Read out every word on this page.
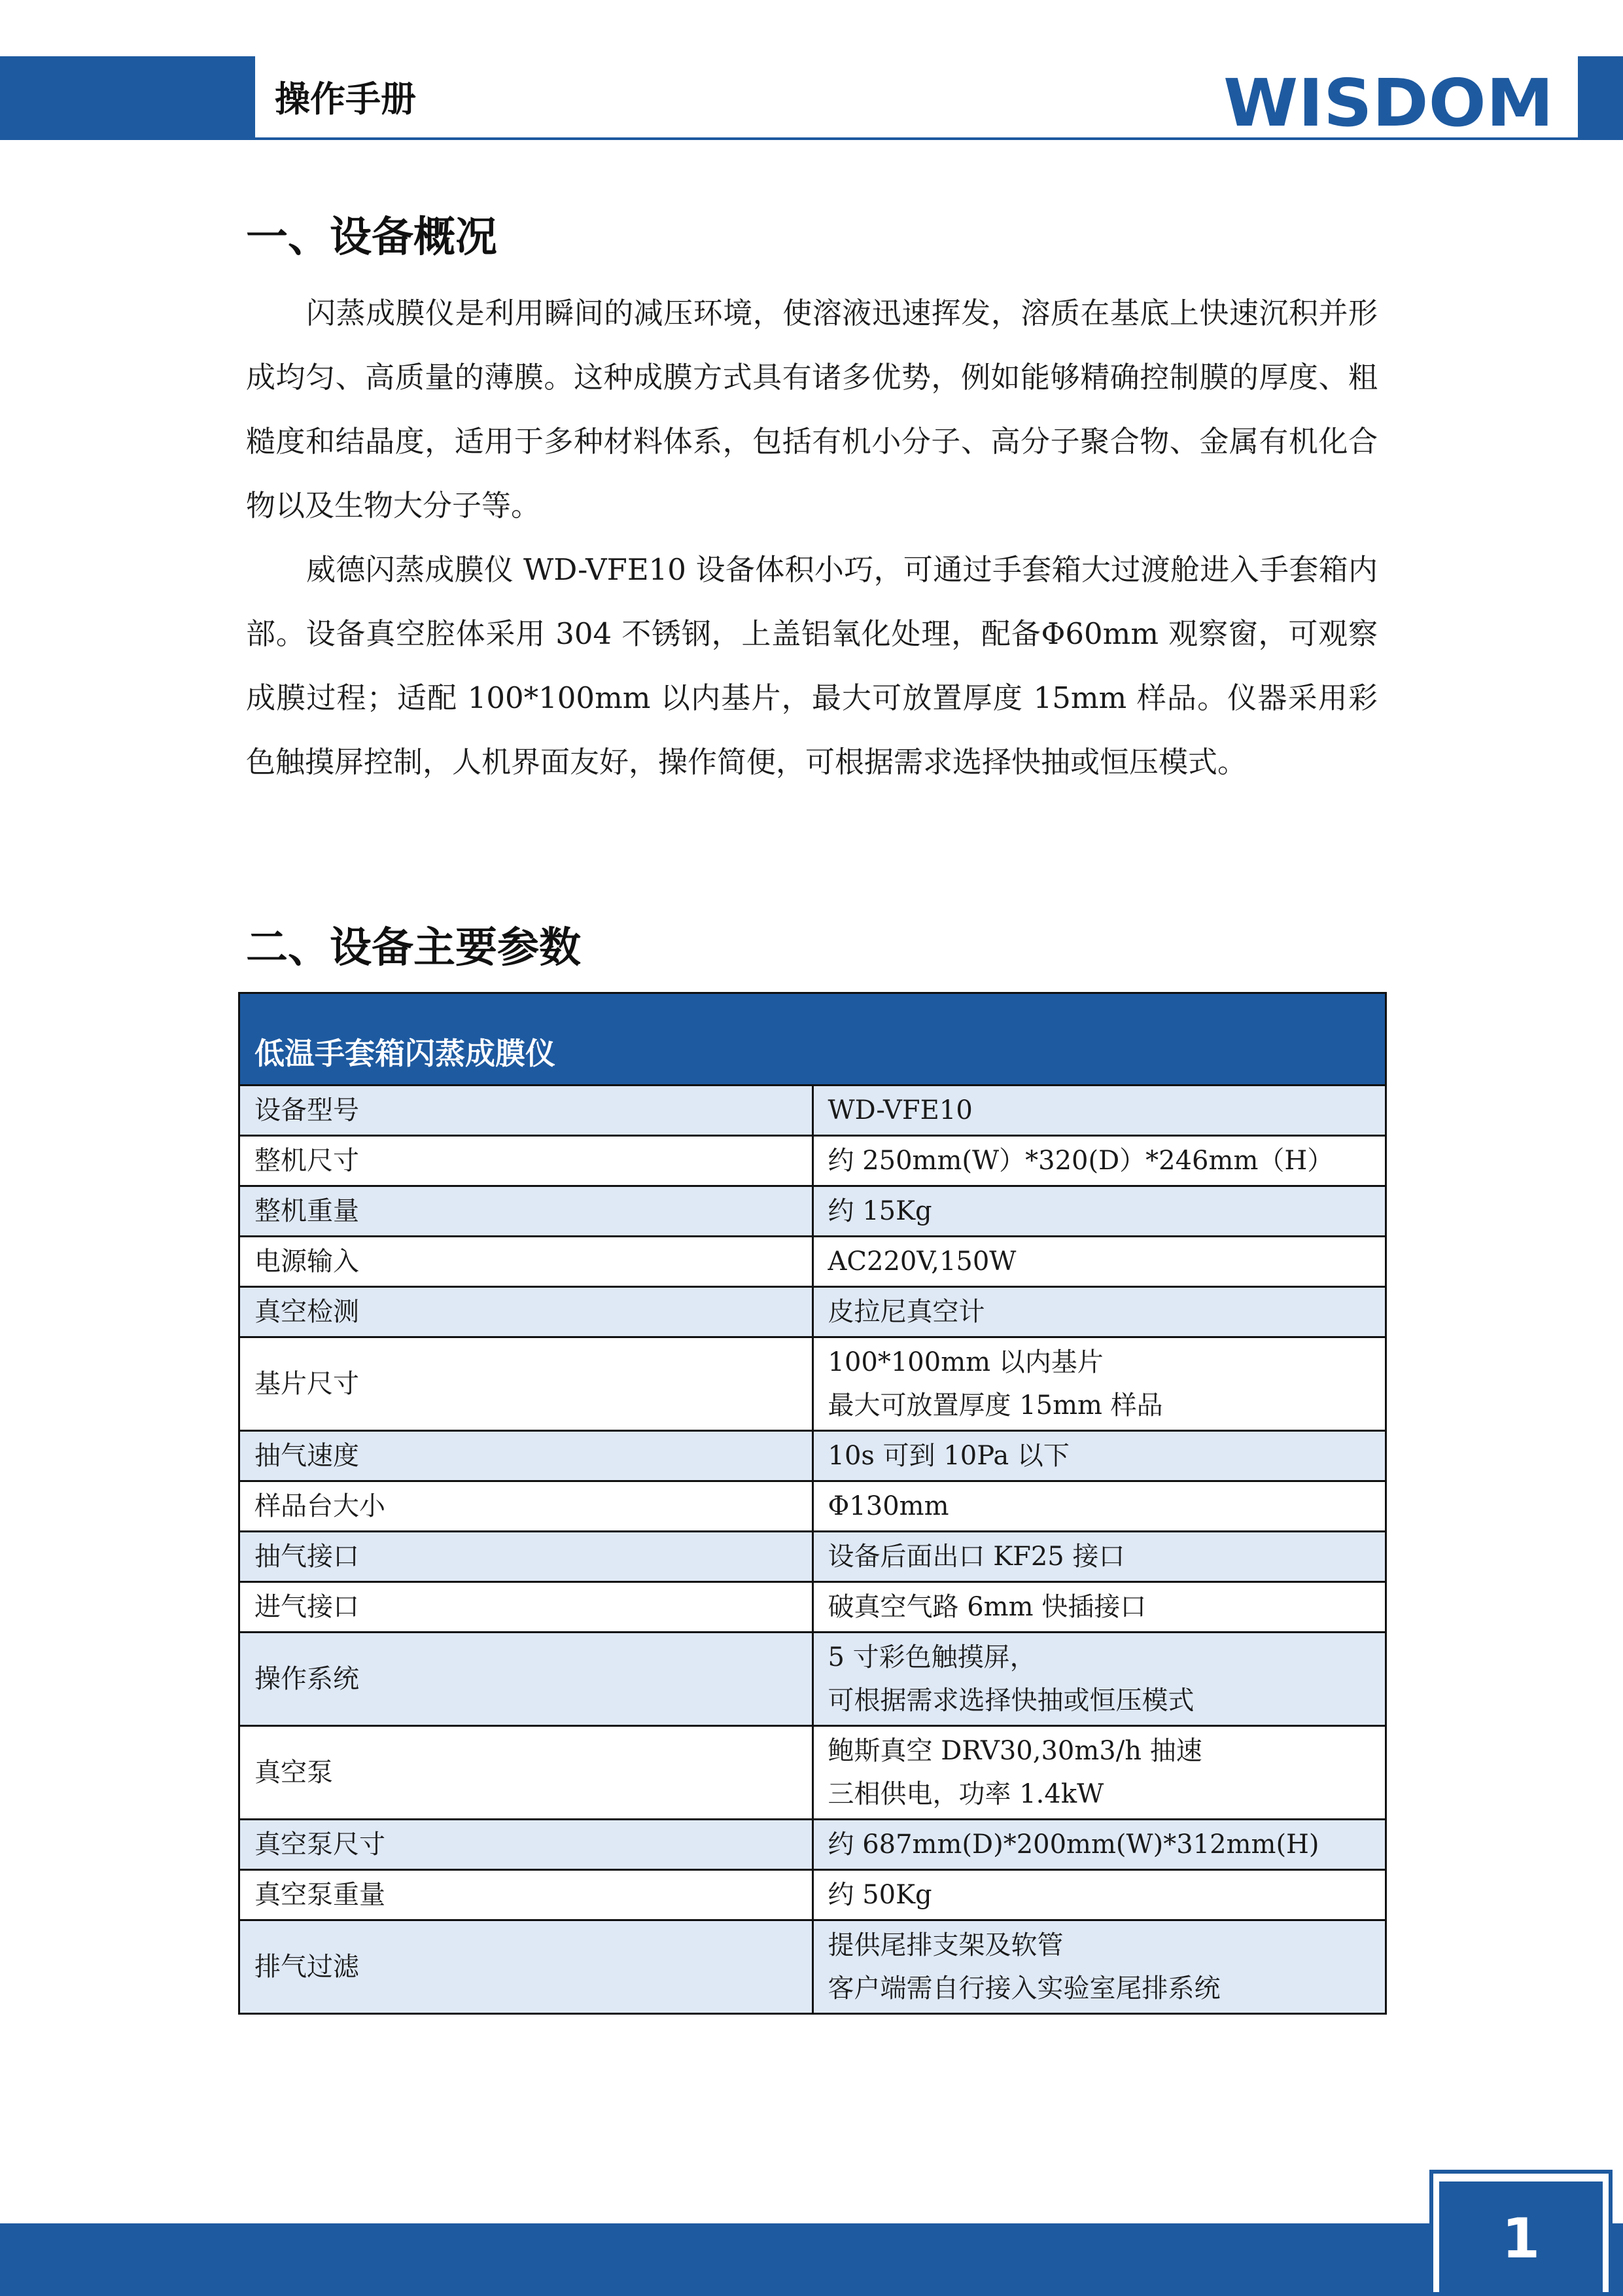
操作手册	WISDOM
一、设备概况

闪蒸成膜仪是利用瞬间的减压环境，使溶液迅速挥发，溶质在基底上快速沉积并形成均匀、高质量的薄膜。这种成膜方式具有诸多优势，例如能够精确控制膜的厚度、粗糙度和结晶度，适用于多种材料体系，包括有机小分子、高分子聚合物、金属有机化合物以及生物大分子等。

威德闪蒸成膜仪 WD-VFE10 设备体积小巧，可通过手套箱大过渡舱进入手套箱内部。设备真空腔体采用 304 不锈钢，上盖铝氧化处理，配备Φ60mm 观察窗，可观察成膜过程；适配 100*100mm 以内基片，最大可放置厚度 15mm 样品。仪器采用彩色触摸屏控制，人机界面友好，操作简便，可根据需求选择快抽或恒压模式。

二、设备主要参数
低温手套箱闪蒸成膜仪	
设备型号	WD-VFE10

整机尺寸	约 250mm(W）*320(D）*246mm（H）

整机重量	约 15Kg

电源输入	AC220V,150W

真空检测	皮拉尼真空计

基片尺寸	100*100mm 以内基片
最大可放置厚度 15mm 样品

抽气速度	10s 可到 10Pa 以下

样品台大小	Φ130mm

抽气接口	设备后面出口 KF25 接口

进气接口	破真空气路 6mm 快插接口

操作系统	5 寸彩色触摸屏，
可根据需求选择快抽或恒压模式

真空泵	鲍斯真空 DRV30,30m3/h 抽速
三相供电，功率 1.4kW

真空泵尺寸	约 687mm(D)*200mm(W)*312mm(H)

真空泵重量	约 50Kg

排气过滤	提供尾排支架及软管
客户端需自行接入实验室尾排系统
1
